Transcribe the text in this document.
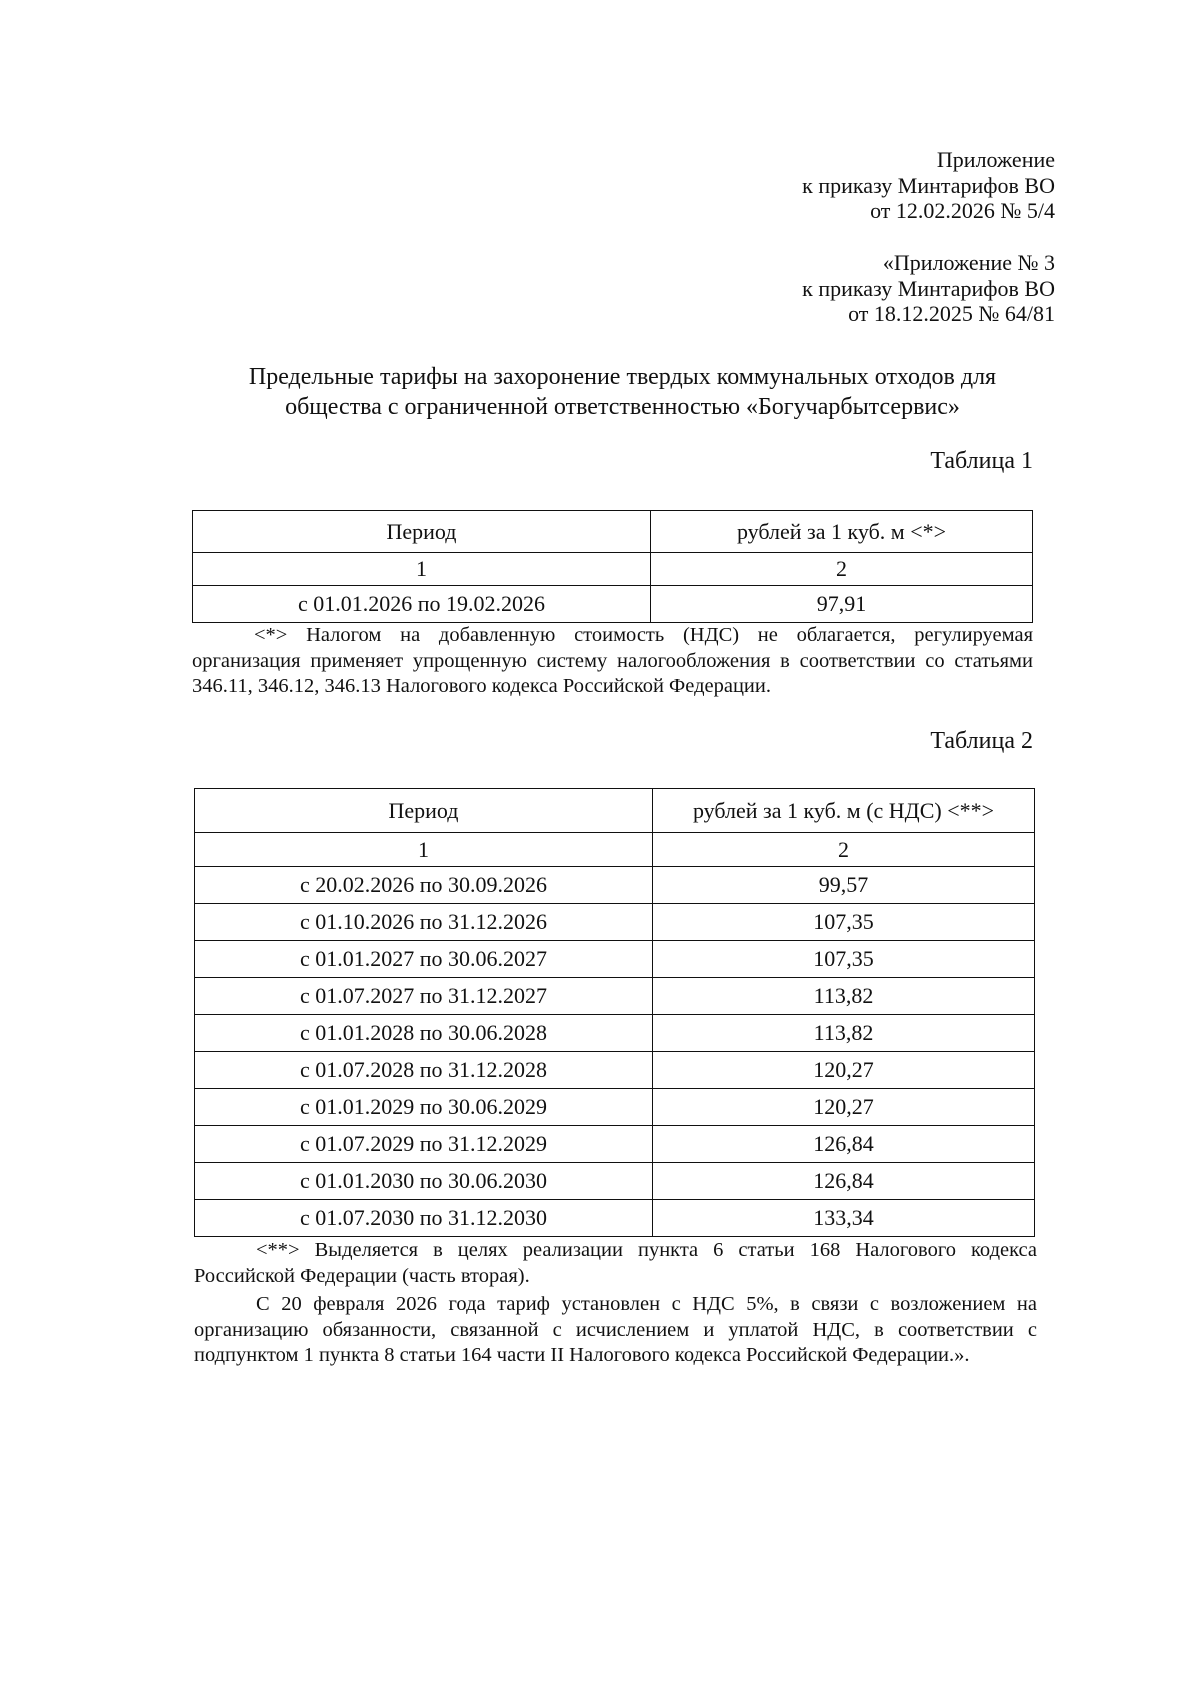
Приложение
к приказу Минтарифов ВО
от 12.02.2026 № 5/4
«Приложение № 3
к приказу Минтарифов ВО
от 18.12.2025 № 64/81
Предельные тарифы на захоронение твердых коммунальных отходов для
общества с ограниченной ответственностью «Богучарбытсервис»
Таблица 1
Период	рублей за 1 куб. м <*>
1	2
с 01.01.2026 по 19.02.2026	97,91

<*> Налогом на добавленную стоимость (НДС) не облагается, регулируемая организация применяет упрощенную систему налогообложения в соответствии со статьями 346.11, 346.12, 346.13 Налогового кодекса Российской Федерации.

Таблица 2
Период	рублей за 1 куб. м (с НДС) <**>
1	2
с 20.02.2026 по 30.09.2026	99,57
с 01.10.2026 по 31.12.2026	107,35
с 01.01.2027 по 30.06.2027	107,35
с 01.07.2027 по 31.12.2027	113,82
с 01.01.2028 по 30.06.2028	113,82
с 01.07.2028 по 31.12.2028	120,27
с 01.01.2029 по 30.06.2029	120,27
с 01.07.2029 по 31.12.2029	126,84
с 01.01.2030 по 30.06.2030	126,84
с 01.07.2030 по 31.12.2030	133,34

<**> Выделяется в целях реализации пункта 6 статьи 168 Налогового кодекса Российской Федерации (часть вторая).

С 20 февраля 2026 года тариф установлен с НДС 5%, в связи с возложением на организацию обязанности, связанной с исчислением и уплатой НДС, в соответствии с подпунктом 1 пункта 8 статьи 164 части II Налогового кодекса Российской Федерации.».
